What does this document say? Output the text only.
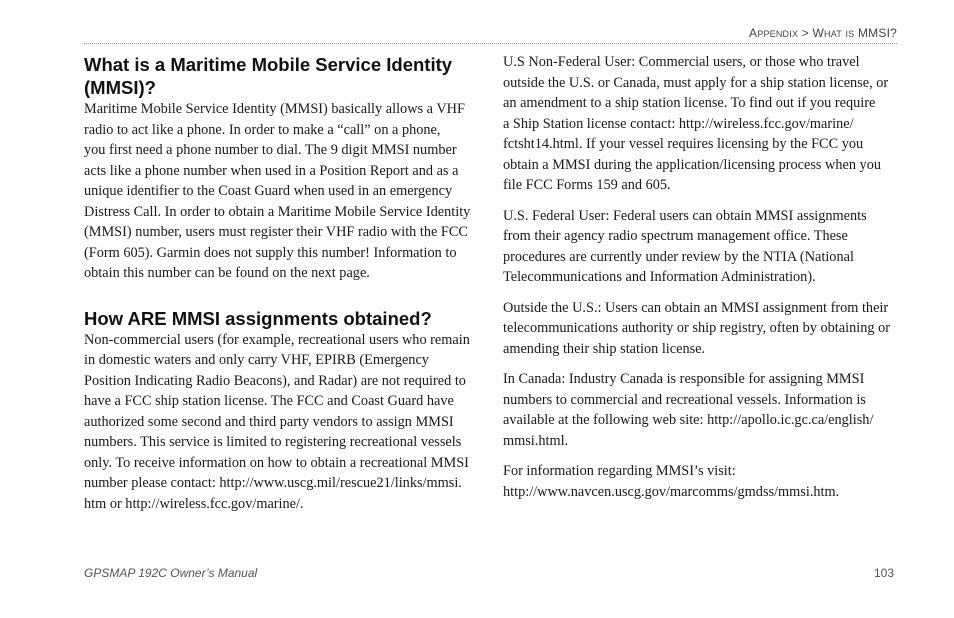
APPENDIX > WHAT IS MMSI?
What is a Maritime Mobile Service Identity
(MMSI)?

Maritime Mobile Service Identity (MMSI) basically allows a VHF
radio to act like a phone. In order to make a “call” on a phone,
you first need a phone number to dial. The 9 digit MMSI number
acts like a phone number when used in a Position Report and as a
unique identifier to the Coast Guard when used in an emergency
Distress Call. In order to obtain a Maritime Mobile Service Identity
(MMSI) number, users must register their VHF radio with the FCC
(Form 605). Garmin does not supply this number! Information to
obtain this number can be found on the next page.

How ARE MMSI assignments obtained?

Non-commercial users (for example, recreational users who remain
in domestic waters and only carry VHF, EPIRB (Emergency
Position Indicating Radio Beacons), and Radar) are not required to
have a FCC ship station license. The FCC and Coast Guard have
authorized some second and third party vendors to assign MMSI
numbers. This service is limited to registering recreational vessels
only. To receive information on how to obtain a recreational MMSI
number please contact: http://www.uscg.mil/rescue21/links/mmsi.
htm or http://wireless.fcc.gov/marine/.

U.S Non-Federal User: Commercial users, or those who travel
outside the U.S. or Canada, must apply for a ship station license, or
an amendment to a ship station license. To find out if you require
a Ship Station license contact: http://wireless.fcc.gov/marine/
fctsht14.html. If your vessel requires licensing by the FCC you
obtain a MMSI during the application/licensing process when you
file FCC Forms 159 and 605.

U.S. Federal User: Federal users can obtain MMSI assignments
from their agency radio spectrum management office. These
procedures are currently under review by the NTIA (National
Telecommunications and Information Administration).

Outside the U.S.: Users can obtain an MMSI assignment from their
telecommunications authority or ship registry, often by obtaining or
amending their ship station license.

In Canada: Industry Canada is responsible for assigning MMSI
numbers to commercial and recreational vessels. Information is
available at the following web site: http://apollo.ic.gc.ca/english/
mmsi.html.

For information regarding MMSI’s visit:
http://www.navcen.uscg.gov/marcomms/gmdss/mmsi.htm.

GPSMAP 192C Owner’s Manual	103
